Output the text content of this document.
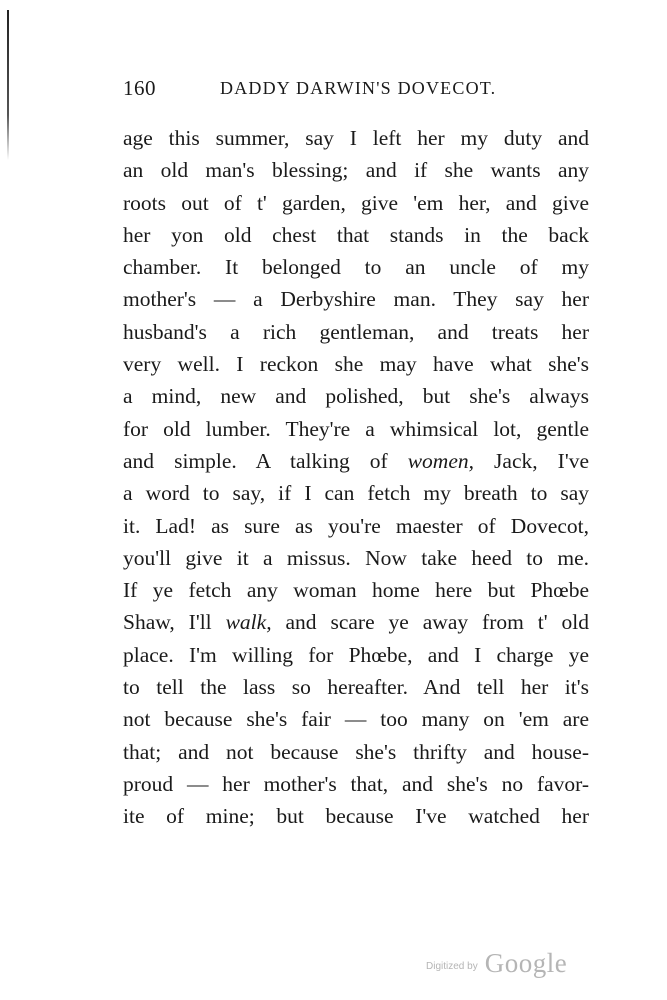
160	DADDY DARWIN'S DOVECOT.
age this summer, say I left her my duty and
an old man's blessing; and if she wants any
roots out of t' garden, give 'em her, and give
her yon old chest that stands in the back
chamber. It belonged to an uncle of my
mother's — a Derbyshire man. They say her
husband's a rich gentleman, and treats her
very well. I reckon she may have what she's
a mind, new and polished, but she's always
for old lumber. They're a whimsical lot, gentle
and simple. A talking of women, Jack, I've
a word to say, if I can fetch my breath to say
it. Lad! as sure as you're maester of Dovecot,
you'll give it a missus. Now take heed to me.
If ye fetch any woman home here but Phœbe
Shaw, I'll walk, and scare ye away from t' old
place. I'm willing for Phœbe, and I charge ye
to tell the lass so hereafter. And tell her it's
not because she's fair — too many on 'em are
that; and not because she's thrifty and house-
proud — her mother's that, and she's no favor-
ite of mine; but because I've watched her
Digitized by Google
